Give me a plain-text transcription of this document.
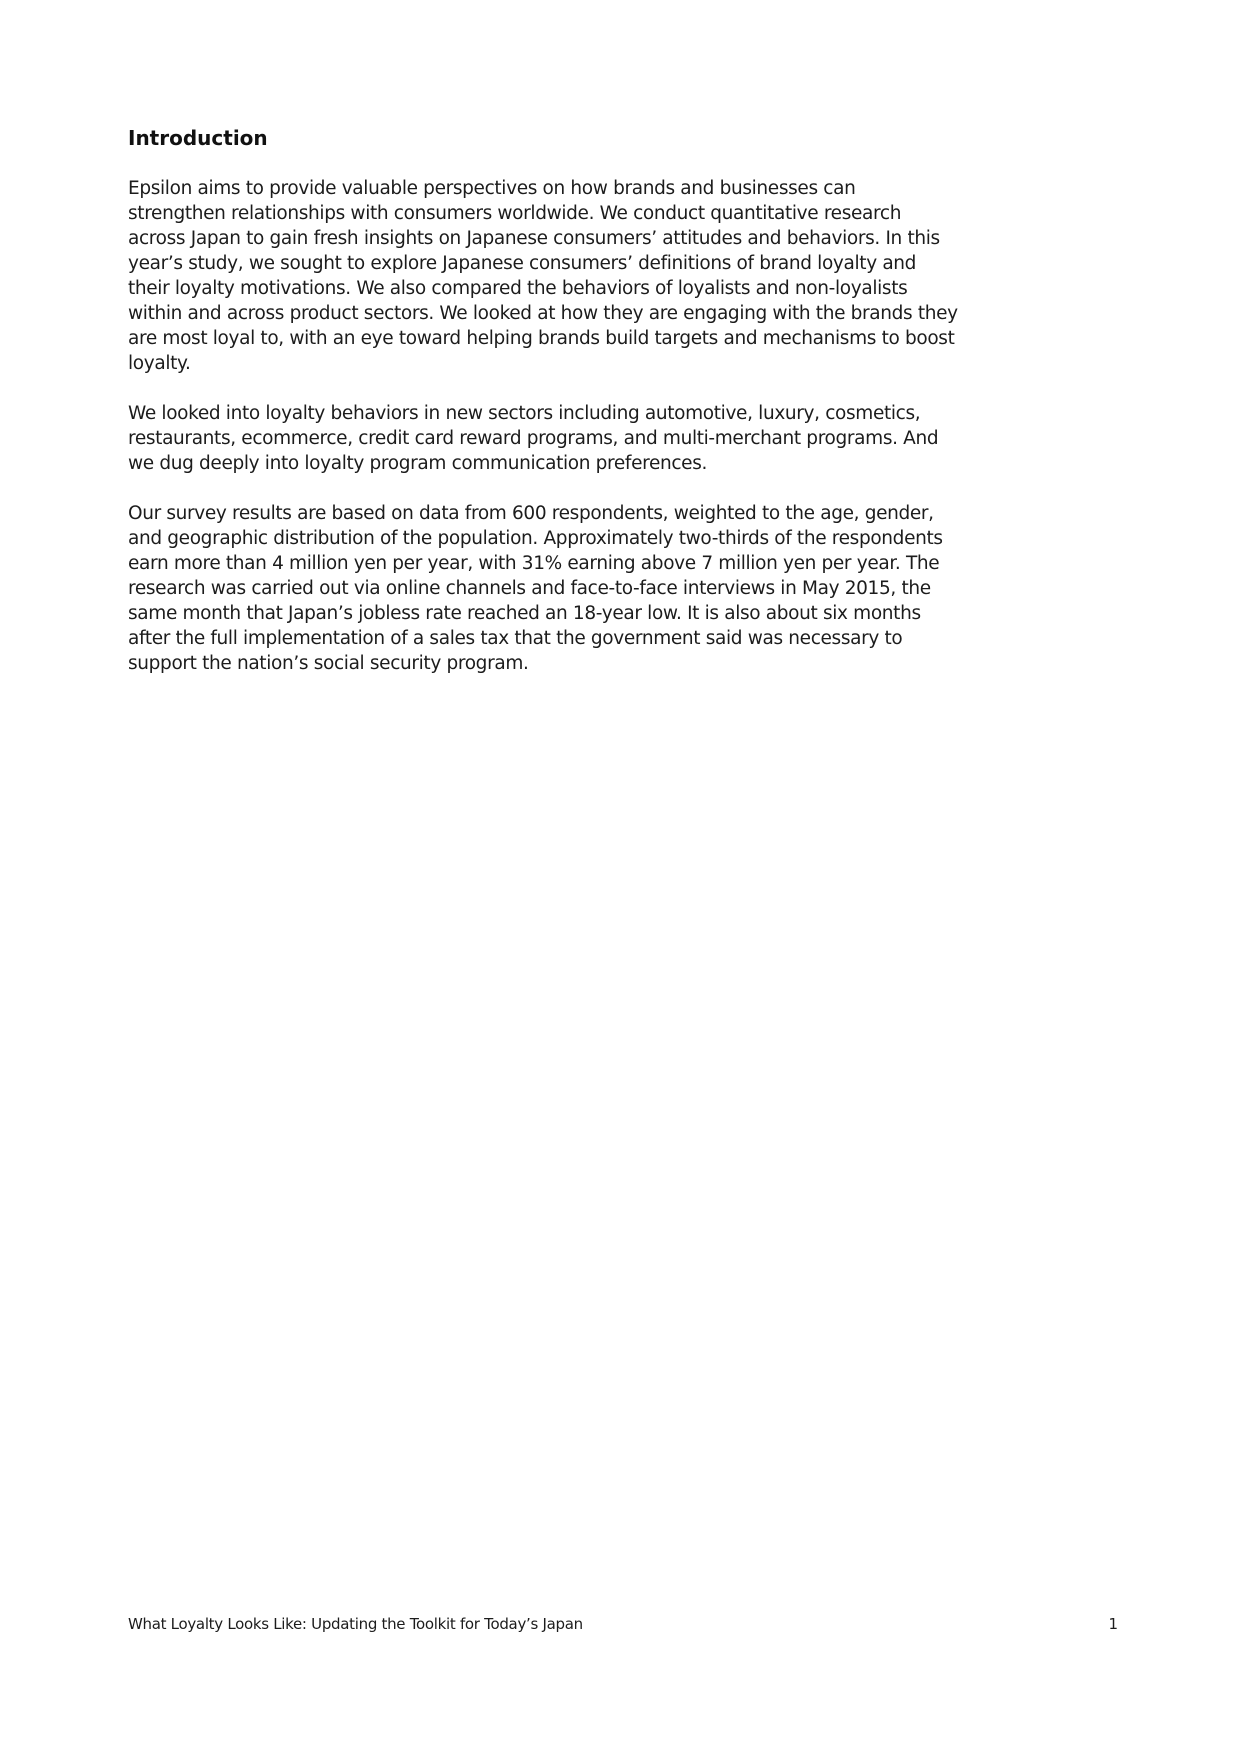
Introduction

Epsilon aims to provide valuable perspectives on how brands and businesses can strengthen relationships with consumers worldwide. We conduct quantitative research across Japan to gain fresh insights on Japanese consumers’ attitudes and behaviors. In this year’s study, we sought to explore Japanese consumers’ definitions of brand loyalty and their loyalty motivations. We also compared the behaviors of loyalists and non-loyalists within and across product sectors. We looked at how they are engaging with the brands they are most loyal to, with an eye toward helping brands build targets and mechanisms to boost loyalty.

We looked into loyalty behaviors in new sectors including automotive, luxury, cosmetics, restaurants, ecommerce, credit card reward programs, and multi-merchant programs. And we dug deeply into loyalty program communication preferences.

Our survey results are based on data from 600 respondents, weighted to the age, gender, and geographic distribution of the population. Approximately two-thirds of the respondents earn more than 4 million yen per year, with 31% earning above 7 million yen per year. The research was carried out via online channels and face-to-face interviews in May 2015, the same month that Japan’s jobless rate reached an 18-year low. It is also about six months after the full implementation of a sales tax that the government said was necessary to support the nation’s social security program.

What Loyalty Looks Like: Updating the Toolkit for Today’s Japan	1
